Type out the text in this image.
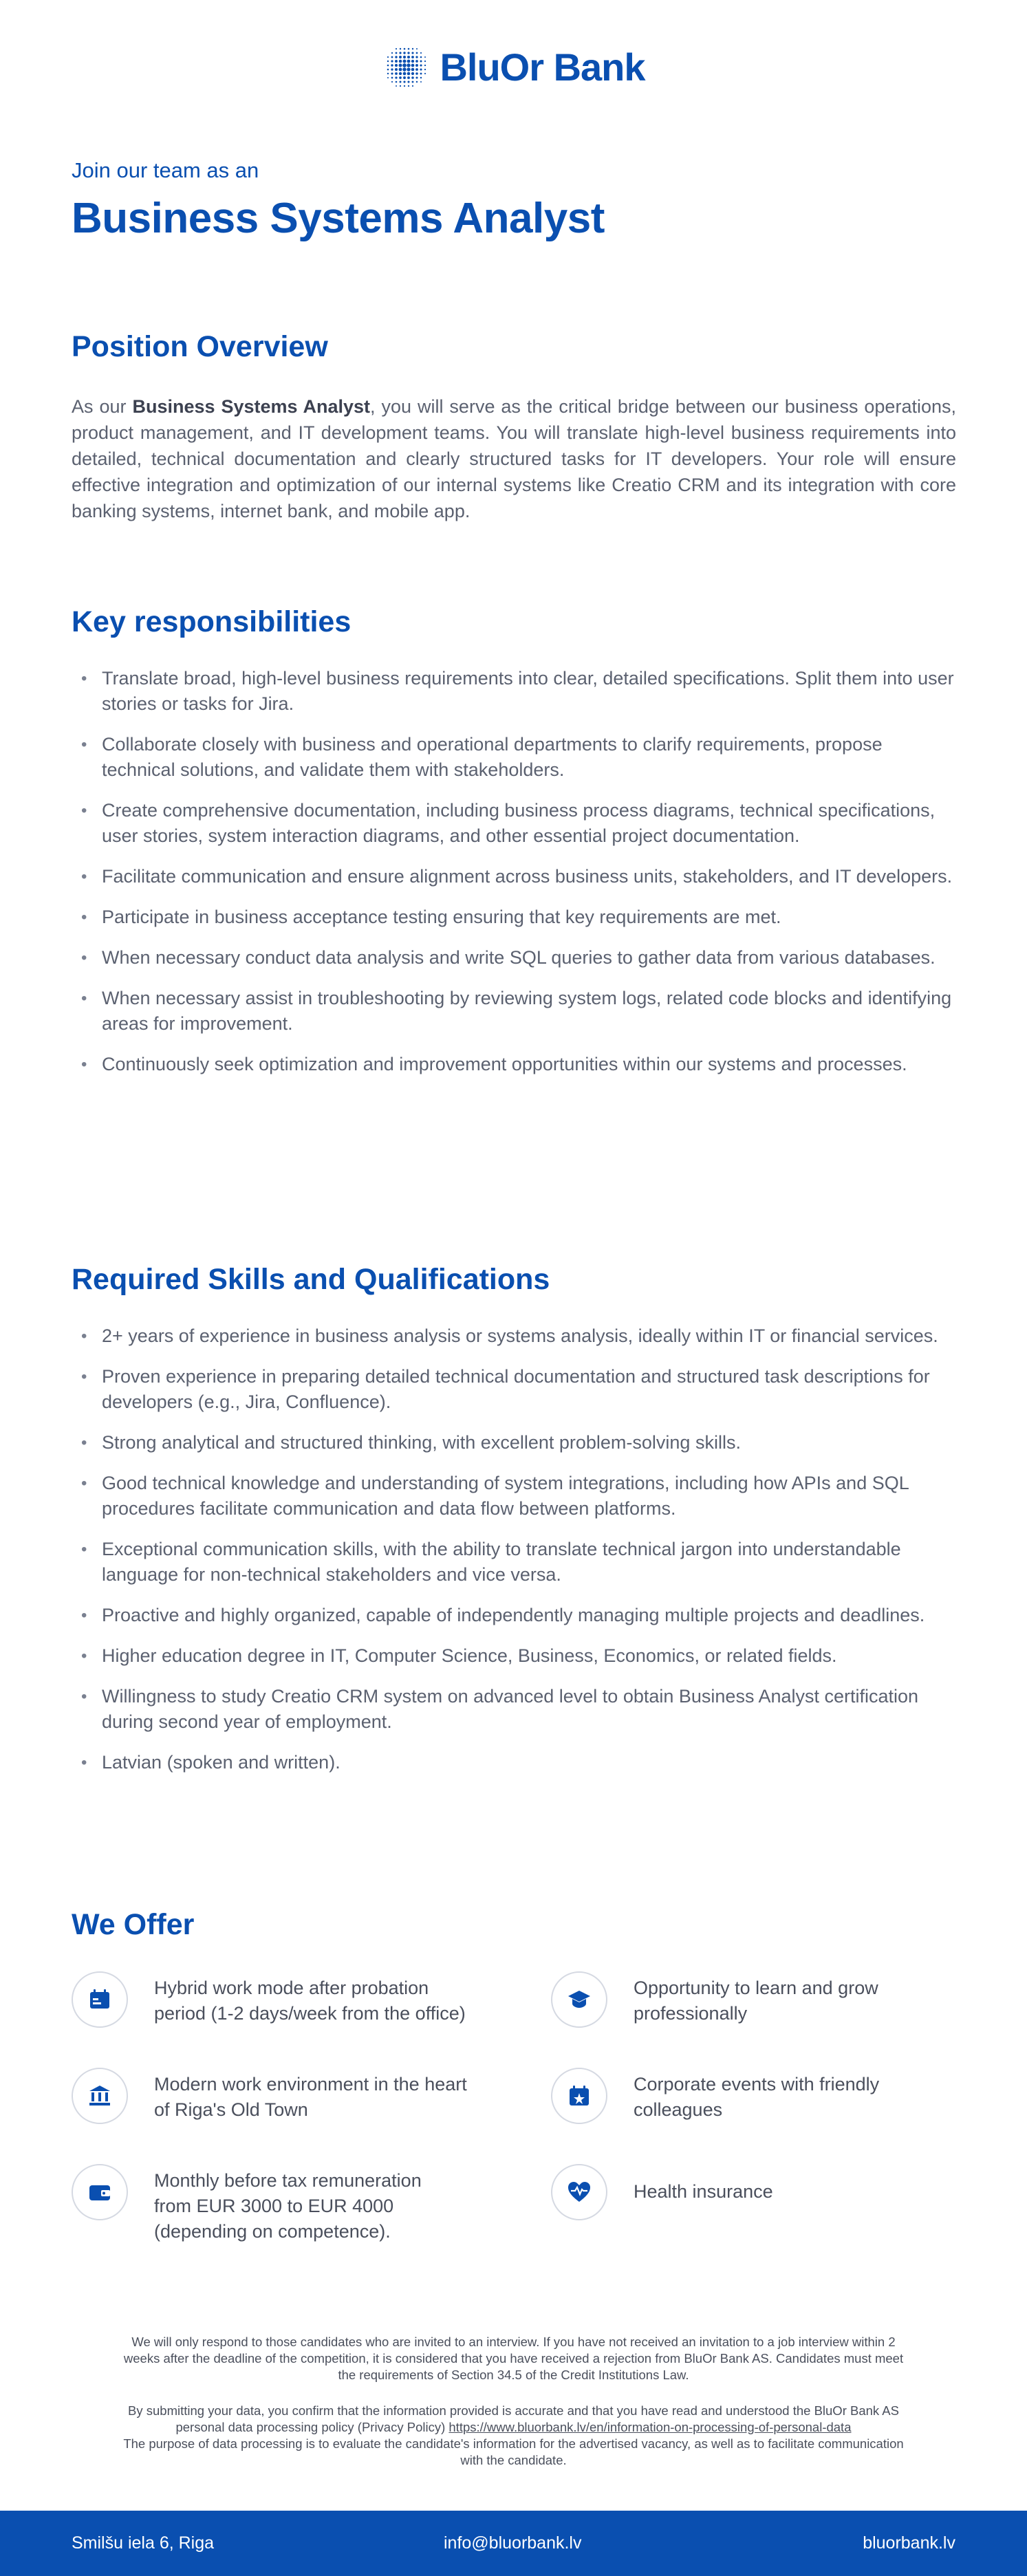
BluOr Bank
Join our team as an
Business Systems Analyst
Position Overview

As our Business Systems Analyst, you will serve as the critical bridge between our business operations, product management, and IT development teams. You will translate high-level business requirements into detailed, technical documentation and clearly structured tasks for IT developers. Your role will ensure effective integration and optimization of our internal systems like Creatio CRM and its integration with core banking systems, internet bank, and mobile app.

Key responsibilities
• Translate broad, high-level business requirements into clear, detailed specifications. Split them into user stories or tasks for Jira.
• Collaborate closely with business and operational departments to clarify requirements, propose technical solutions, and validate them with stakeholders.
• Create comprehensive documentation, including business process diagrams, technical specifications, user stories, system interaction diagrams, and other essential project documentation.
• Facilitate communication and ensure alignment across business units, stakeholders, and IT developers.
• Participate in business acceptance testing ensuring that key requirements are met.
• When necessary conduct data analysis and write SQL queries to gather data from various databases.
• When necessary assist in troubleshooting by reviewing system logs, related code blocks and identifying areas for improvement.
• Continuously seek optimization and improvement opportunities within our systems and processes.
Required Skills and Qualifications
• 2+ years of experience in business analysis or systems analysis, ideally within IT or financial services.
• Proven experience in preparing detailed technical documentation and structured task descriptions for developers (e.g., Jira, Confluence).
• Strong analytical and structured thinking, with excellent problem-solving skills.
• Good technical knowledge and understanding of system integrations, including how APIs and SQL procedures facilitate communication and data flow between platforms.
• Exceptional communication skills, with the ability to translate technical jargon into understandable language for non-technical stakeholders and vice versa.
• Proactive and highly organized, capable of independently managing multiple projects and deadlines.
• Higher education degree in IT, Computer Science, Business, Economics, or related fields.
• Willingness to study Creatio CRM system on advanced level to obtain Business Analyst certification during second year of employment.
• Latvian (spoken and written).
We Offer
Hybrid work mode after probation
period (1-2 days/week from the office)
Opportunity to learn and grow
professionally
Modern work environment in the heart
of Riga's Old Town
Corporate events with friendly
colleagues
Monthly before tax remuneration
from EUR 3000 to EUR 4000
(depending on competence).
Health insurance
We will only respond to those candidates who are invited to an interview. If you have not received an invitation to a job interview within 2
weeks after the deadline of the competition, it is considered that you have received a rejection from BluOr Bank AS. Candidates must meet
the requirements of Section 34.5 of the Credit Institutions Law.
By submitting your data, you confirm that the information provided is accurate and that you have read and understood the BluOr Bank AS
personal data processing policy (Privacy Policy) https://www.bluorbank.lv/en/information-on-processing-of-personal-data
The purpose of data processing is to evaluate the candidate's information for the advertised vacancy, as well as to facilitate communication
with the candidate.
Smilšu iela 6, Riga	info@bluorbank.lv	bluorbank.lv
